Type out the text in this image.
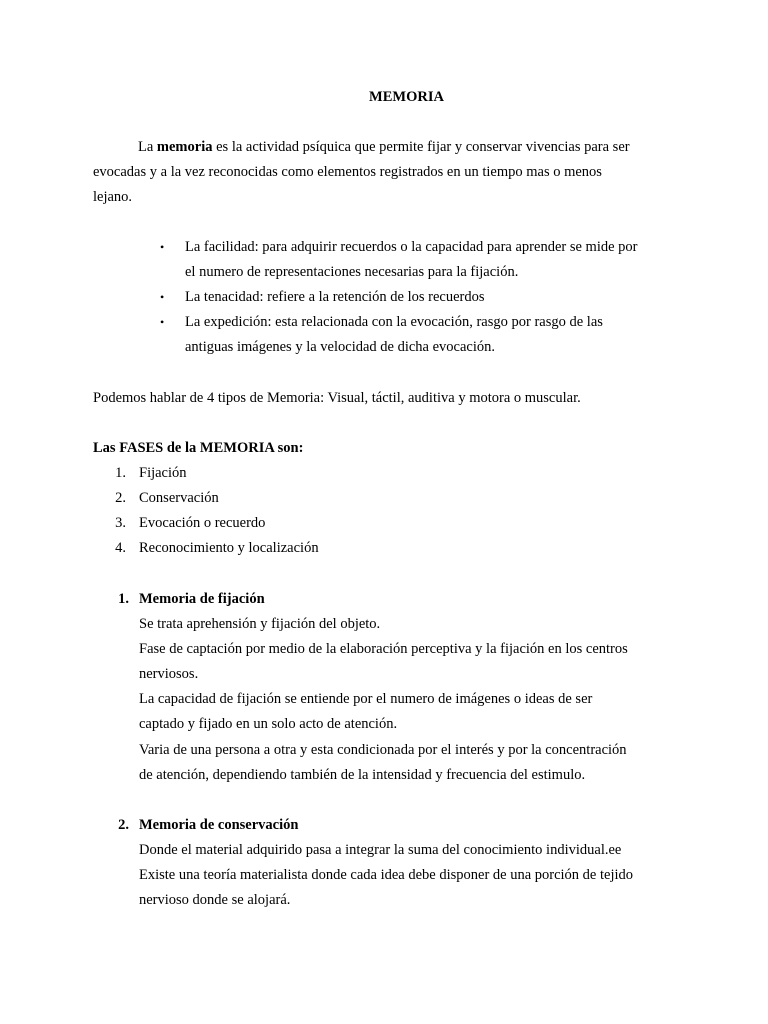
MEMORIA
La memoria es la actividad psíquica que permite fijar y conservar vivencias para ser
evocadas y a la vez reconocidas como elementos registrados en un tiempo mas o menos
lejano.
• La facilidad: para adquirir recuerdos o la capacidad para aprender se mide por
el numero de representaciones necesarias para la fijación.
• La tenacidad: refiere a la retención de los recuerdos
• La expedición: esta relacionada con la evocación, rasgo por rasgo de las
antiguas imágenes y la velocidad de dicha evocación.
Podemos hablar de 4 tipos de Memoria: Visual, táctil, auditiva y motora o muscular.
Las FASES de la MEMORIA son:
1. Fijación
2. Conservación
3. Evocación o recuerdo
4. Reconocimiento y localización
1. Memoria de fijación
Se trata aprehensión y fijación del objeto.
Fase de captación por medio de la elaboración perceptiva y la fijación en los centros
nerviosos.
La capacidad de fijación se entiende por el numero de imágenes o ideas de ser
captado y fijado en un solo acto de atención.
Varia de una persona a otra y esta condicionada por el interés y por la concentración
de atención, dependiendo también de la intensidad y frecuencia del estimulo.
2. Memoria de conservación
Donde el material adquirido pasa a integrar la suma del conocimiento individual.ee
Existe una teoría materialista donde cada idea debe disponer de una porción de tejido
nervioso donde se alojará.
